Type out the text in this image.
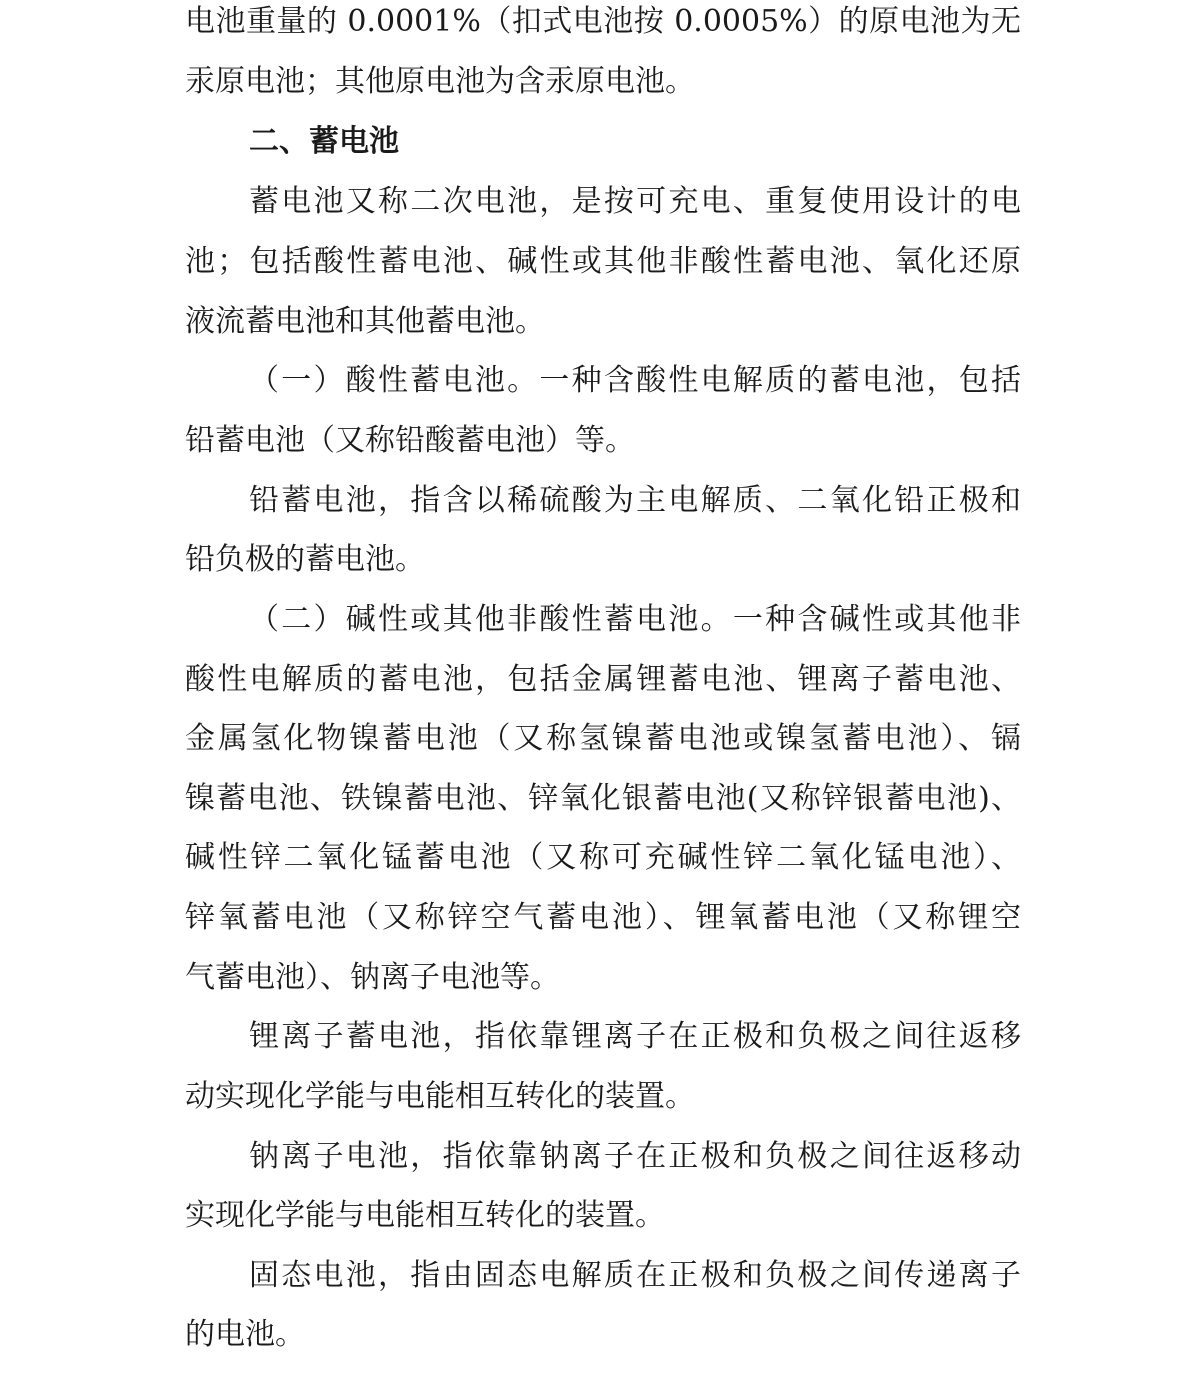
电池重量的 0.0001%（扣式电池按 0.0005%）的原电池为无
汞原电池；其他原电池为含汞原电池。
二、蓄电池
蓄电池又称二次电池，是按可充电、重复使用设计的电
池；包括酸性蓄电池、碱性或其他非酸性蓄电池、氧化还原
液流蓄电池和其他蓄电池。
（一）酸性蓄电池。一种含酸性电解质的蓄电池，包括
铅蓄电池（又称铅酸蓄电池）等。
铅蓄电池，指含以稀硫酸为主电解质、二氧化铅正极和
铅负极的蓄电池。
（二）碱性或其他非酸性蓄电池。一种含碱性或其他非
酸性电解质的蓄电池，包括金属锂蓄电池、锂离子蓄电池、
金属氢化物镍蓄电池（又称氢镍蓄电池或镍氢蓄电池）、镉
镍蓄电池、铁镍蓄电池、锌氧化银蓄电池(又称锌银蓄电池)、
碱性锌二氧化锰蓄电池（又称可充碱性锌二氧化锰电池）、
锌氧蓄电池（又称锌空气蓄电池）、锂氧蓄电池（又称锂空
气蓄电池）、钠离子电池等。
锂离子蓄电池，指依靠锂离子在正极和负极之间往返移
动实现化学能与电能相互转化的装置。
钠离子电池，指依靠钠离子在正极和负极之间往返移动
实现化学能与电能相互转化的装置。
固态电池，指由固态电解质在正极和负极之间传递离子
的电池。
